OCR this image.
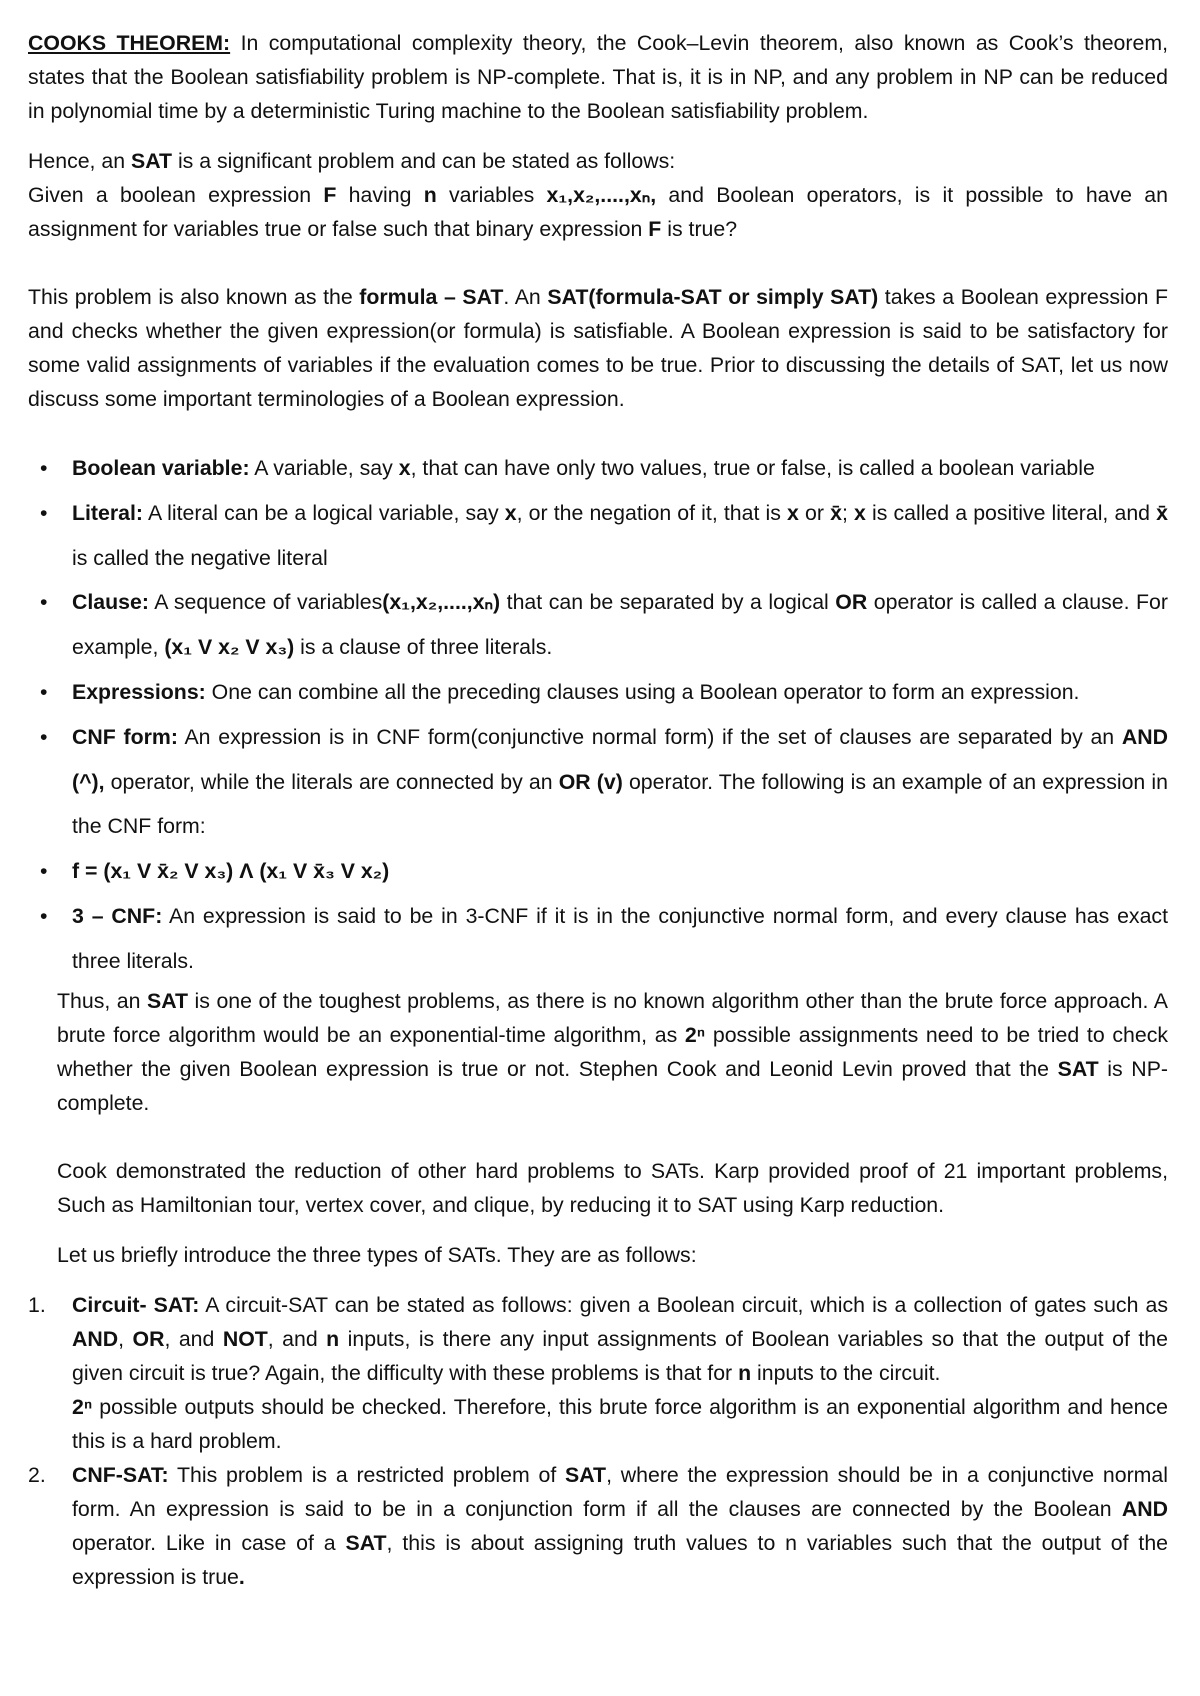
COOKS THEOREM: In computational complexity theory, the Cook–Levin theorem, also known as Cook’s theorem, states that the Boolean satisfiability problem is NP-complete. That is, it is in NP, and any problem in NP can be reduced in polynomial time by a deterministic Turing machine to the Boolean satisfiability problem.

Hence, an SAT is a significant problem and can be stated as follows:

Given a boolean expression F having n variables x₁,x₂,....,xₙ, and Boolean operators, is it possible to have an assignment for variables true or false such that binary expression F is true?

This problem is also known as the formula – SAT. An SAT(formula-SAT or simply SAT) takes a Boolean expression F and checks whether the given expression(or formula) is satisfiable. A Boolean expression is said to be satisfactory for some valid assignments of variables if the evaluation comes to be true. Prior to discussing the details of SAT, let us now discuss some important terminologies of a Boolean expression.

• Boolean variable: A variable, say x, that can have only two values, true or false, is called a boolean variable
• Literal: A literal can be a logical variable, say x, or the negation of it, that is x or x̄; x is called a positive literal, and x̄ is called the negative literal
• Clause: A sequence of variables(x₁,x₂,....,xₙ) that can be separated by a logical OR operator is called a clause. For example, (x₁ V x₂ V x₃) is a clause of three literals.
• Expressions: One can combine all the preceding clauses using a Boolean operator to form an expression.
• CNF form: An expression is in CNF form(conjunctive normal form) if the set of clauses are separated by an AND (^), operator, while the literals are connected by an OR (v) operator. The following is an example of an expression in the CNF form:
• f = (x₁ V x̄₂ V x₃) Λ (x₁ V x̄₃ V x₂)
• 3 – CNF: An expression is said to be in 3-CNF if it is in the conjunctive normal form, and every clause has exact three literals.

Thus, an SAT is one of the toughest problems, as there is no known algorithm other than the brute force approach. A brute force algorithm would be an exponential-time algorithm, as 2ⁿ possible assignments need to be tried to check whether the given Boolean expression is true or not. Stephen Cook and Leonid Levin proved that the SAT is NP-complete.

Cook demonstrated the reduction of other hard problems to SATs. Karp provided proof of 21 important problems, Such as Hamiltonian tour, vertex cover, and clique, by reducing it to SAT using Karp reduction.

Let us briefly introduce the three types of SATs. They are as follows:

1. Circuit- SAT: A circuit-SAT can be stated as follows: given a Boolean circuit, which is a collection of gates such as AND, OR, and NOT, and n inputs, is there any input assignments of Boolean variables so that the output of the given circuit is true? Again, the difficulty with these problems is that for n inputs to the circuit.
2ⁿ possible outputs should be checked. Therefore, this brute force algorithm is an exponential algorithm and hence this is a hard problem.
2. CNF-SAT: This problem is a restricted problem of SAT, where the expression should be in a conjunctive normal form. An expression is said to be in a conjunction form if all the clauses are connected by the Boolean AND operator. Like in case of a SAT, this is about assigning truth values to n variables such that the output of the expression is true.
